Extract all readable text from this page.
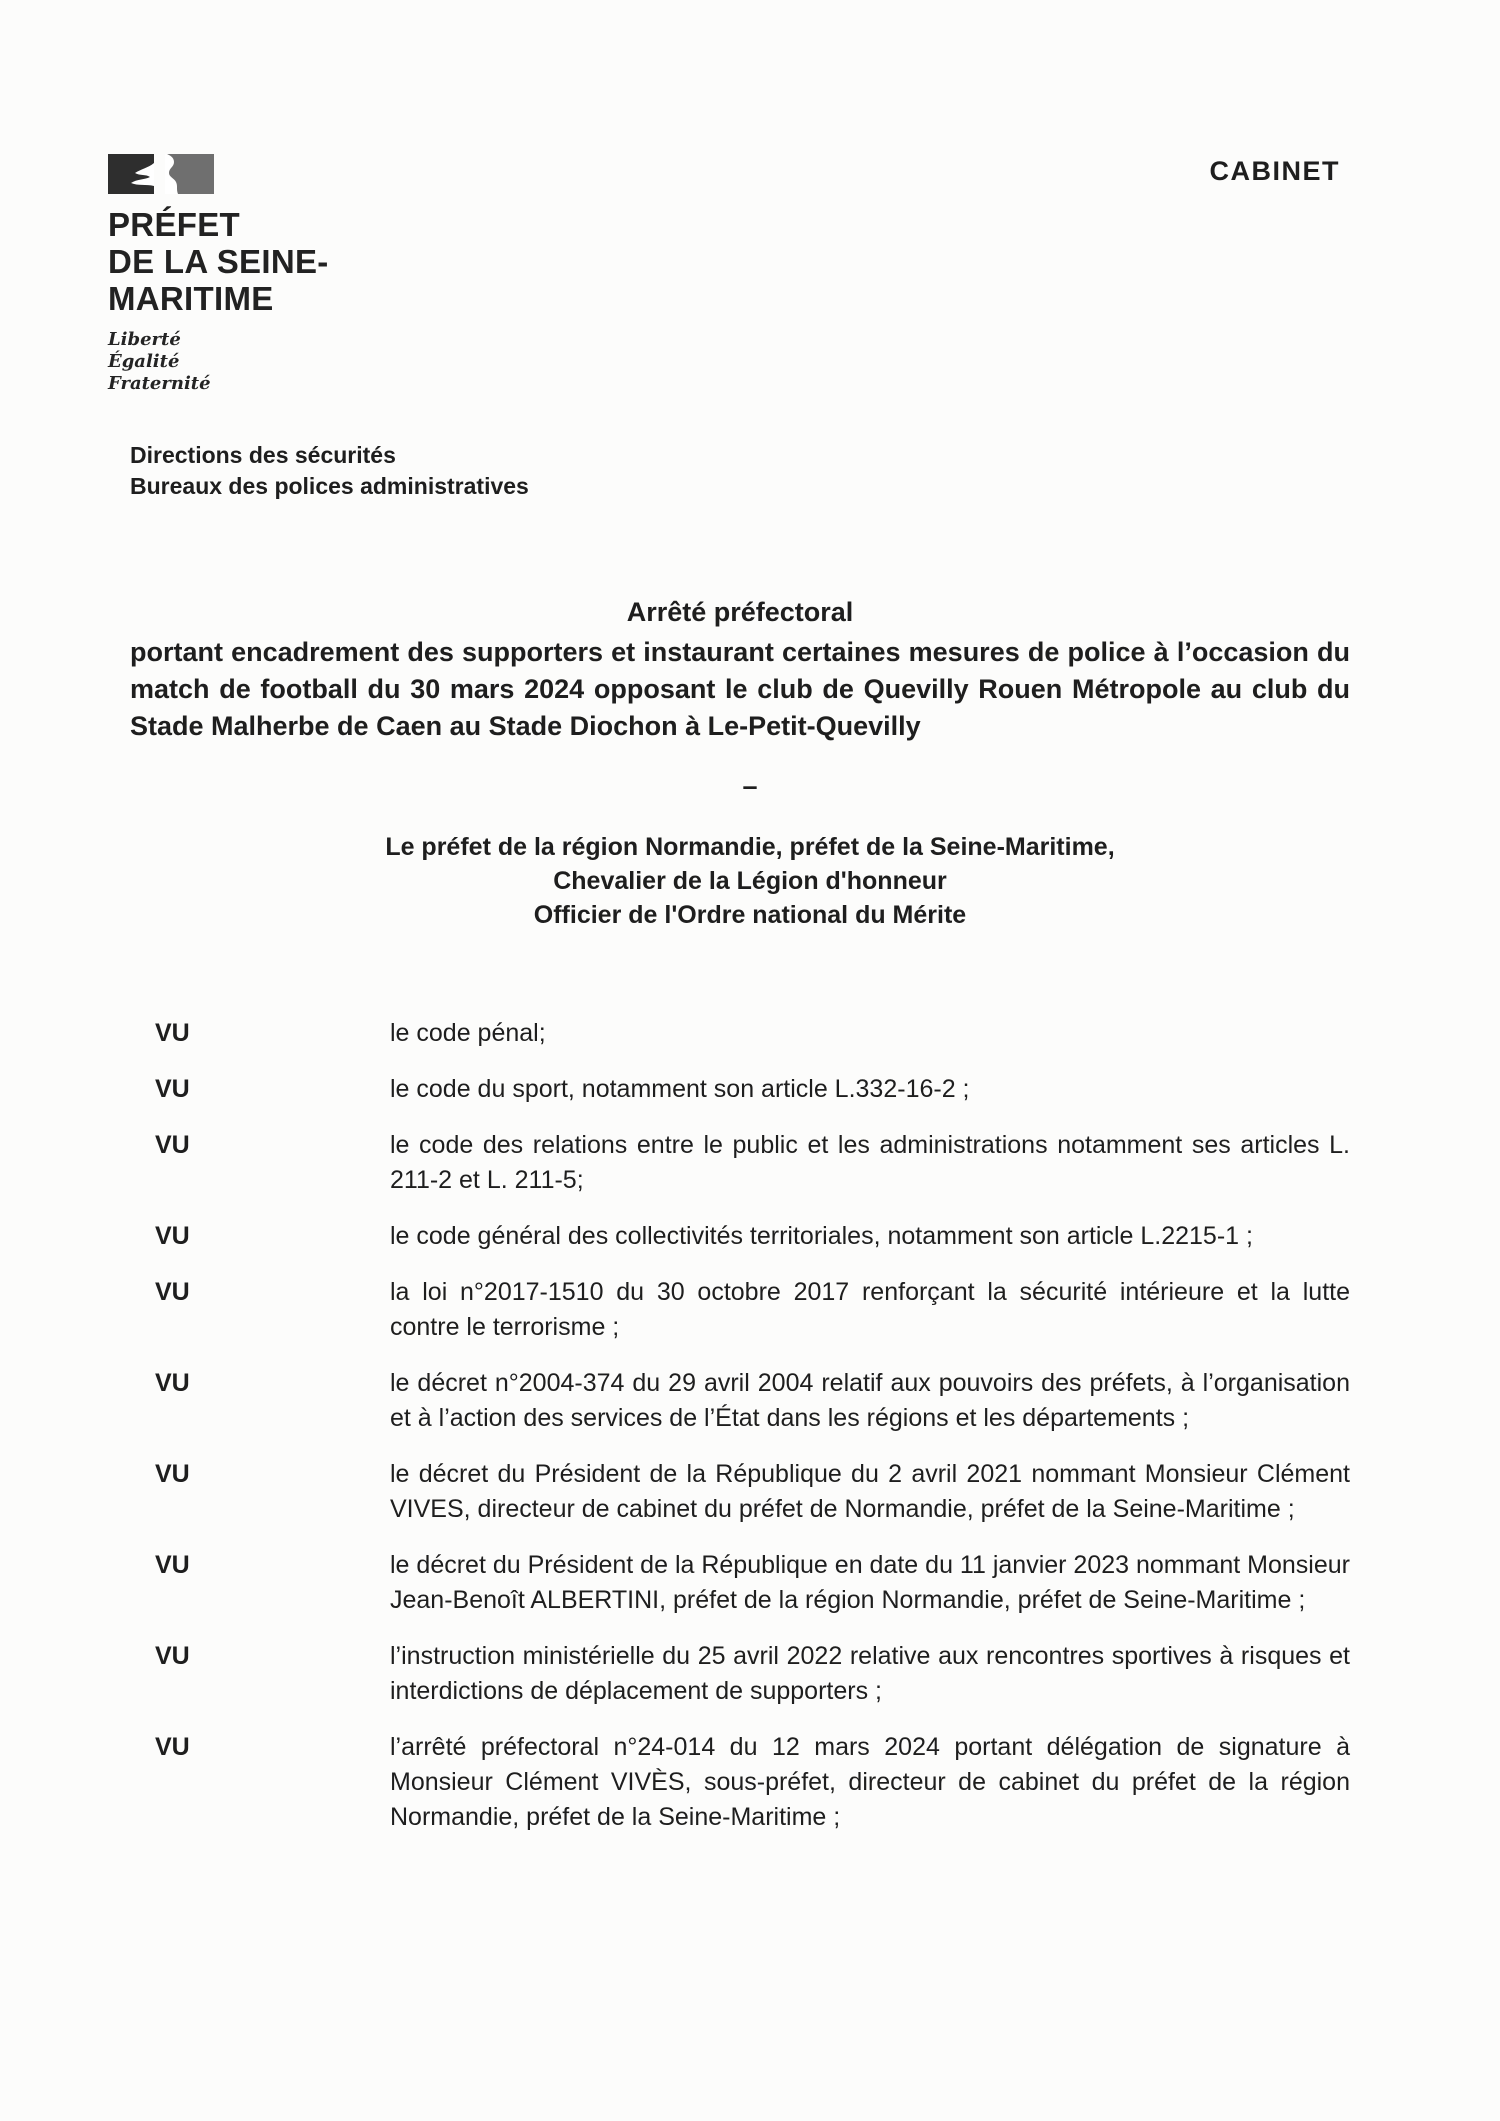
PRÉFET
DE LA SEINE-
MARITIME
Liberté
Égalité
Fraternité
CABINET
Directions des sécurités
Bureaux des polices administratives
Arrêté préfectoral

portant encadrement des supporters et instaurant certaines mesures de police à l’occasion du match de football du 30 mars 2024 opposant le club de Quevilly Rouen Métropole au club du Stade Malherbe de Caen au Stade Diochon à Le-Petit-Quevilly

–
Le préfet de la région Normandie, préfet de la Seine-Maritime,
Chevalier de la Légion d'honneur
Officier de l'Ordre national du Mérite
VU	le code pénal;

VU	le code du sport, notamment son article L.332-16-2 ;

VU	le code des relations entre le public et les administrations notamment ses articles L. 211-2 et L. 211-5;

VU	le code général des collectivités territoriales, notamment son article L.2215-1 ;

VU	la loi n°2017-1510 du 30 octobre 2017 renforçant la sécurité intérieure et la lutte contre le terrorisme ;

VU	le décret n°2004-374 du 29 avril 2004 relatif aux pouvoirs des préfets, à l’organisation et à l’action des services de l’État dans les régions et les départements ;

VU	le décret du Président de la République du 2 avril 2021 nommant Monsieur Clément VIVES, directeur de cabinet du préfet de Normandie, préfet de la Seine-Maritime ;

VU	le décret du Président de la République en date du 11 janvier 2023 nommant Monsieur Jean-Benoît ALBERTINI, préfet de la région Normandie, préfet de Seine-Maritime ;

VU	l’instruction ministérielle du 25 avril 2022 relative aux rencontres sportives à risques et interdictions de déplacement de supporters ;

VU	l’arrêté préfectoral n°24-014 du 12 mars 2024 portant délégation de signature à Monsieur Clément VIVÈS, sous-préfet, directeur de cabinet du préfet de la région Normandie, préfet de la Seine-Maritime ;
